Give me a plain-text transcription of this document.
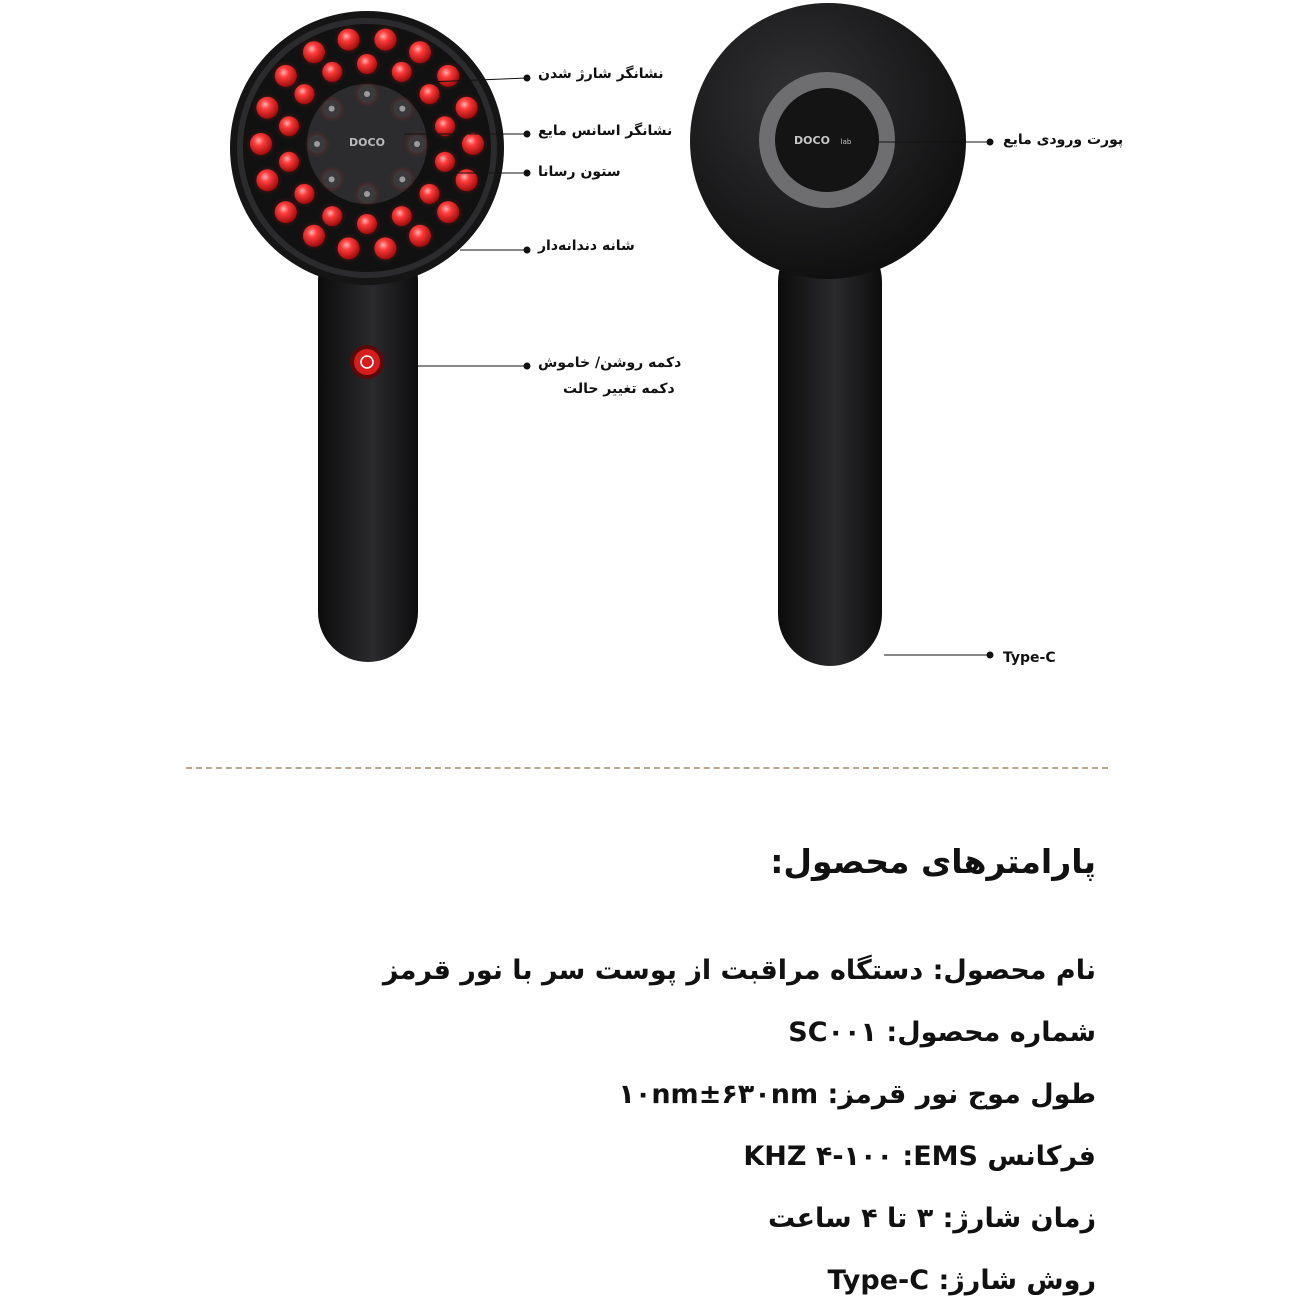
DOCO	DOCO lab
نشانگر شارژ شدن
نشانگر اسانس مایع
ستون رسانا
شانه دندانه‌دار
دکمه روشن/ خاموش
دکمه تغییر حالت
پورت ورودی مایع
Type-C
پارامترهای محصول:
نام محصول: دستگاه مراقبت از پوست سر با نور قرمز
شماره محصول: SC۰۰۱
طول موج نور قرمز: ۱۰nm±۶۳۰nm
فرکانس EMS: ۴-۱۰۰ KHZ
زمان شارژ: ۳ تا ۴ ساعت
روش شارژ: Type-C
